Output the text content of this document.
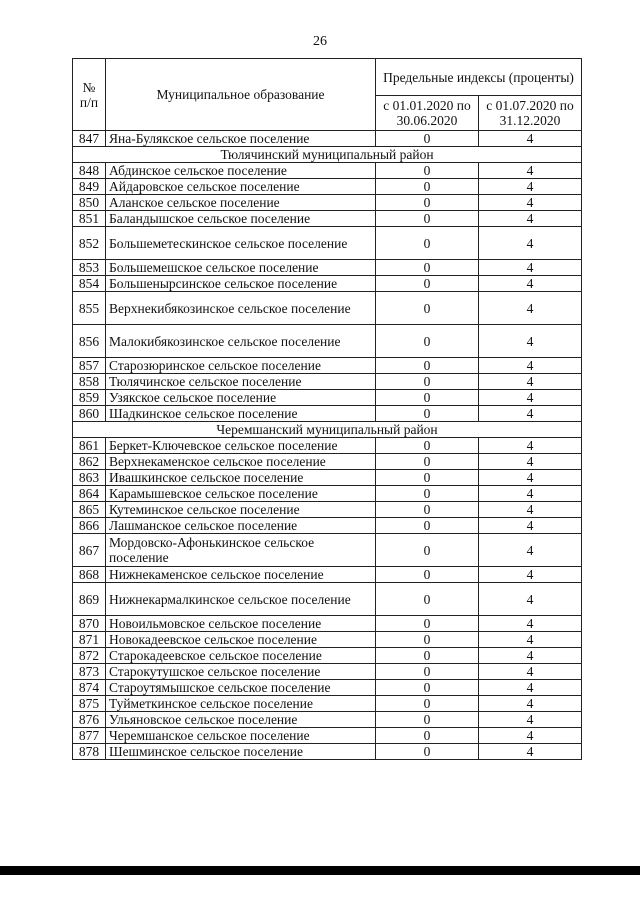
26
№ п/п	Муниципальное образование	Предельные индексы (проценты)	
		с 01.01.2020 по 30.06.2020	с 01.07.2020 по 31.12.2020
847	Яна-Булякское сельское поселение	0	4
Тюлячинский муниципальный район			
848	Абдинское сельское поселение	0	4
849	Айдаровское сельское поселение	0	4
850	Аланское сельское поселение	0	4
851	Баландышское сельское поселение	0	4
852	Большеметескинское сельское поселение	0	4
853	Большемешское сельское поселение	0	4
854	Большенырсинское сельское поселение	0	4
855	Верхнекибякозинское сельское поселение	0	4
856	Малокибякозинское сельское поселение	0	4
857	Старозюринское сельское поселение	0	4
858	Тюлячинское сельское поселение	0	4
859	Узякское сельское поселение	0	4
860	Шадкинское сельское поселение	0	4
Черемшанский муниципальный район			
861	Беркет-Ключевское сельское поселение	0	4
862	Верхнекаменское сельское поселение	0	4
863	Ивашкинское сельское поселение	0	4
864	Карамышевское сельское поселение	0	4
865	Кутеминское сельское поселение	0	4
866	Лашманское сельское поселение	0	4
867	Мордовско-Афонькинское сельское поселение	0	4
868	Нижнекаменское сельское поселение	0	4
869	Нижнекармалкинское сельское поселение	0	4
870	Новоильмовское сельское поселение	0	4
871	Новокадеевское сельское поселение	0	4
872	Старокадеевское сельское поселение	0	4
873	Старокутушское сельское поселение	0	4
874	Староутямышское сельское поселение	0	4
875	Туйметкинское сельское поселение	0	4
876	Ульяновское сельское поселение	0	4
877	Черемшанское сельское поселение	0	4
878	Шешминское сельское поселение	0	4
